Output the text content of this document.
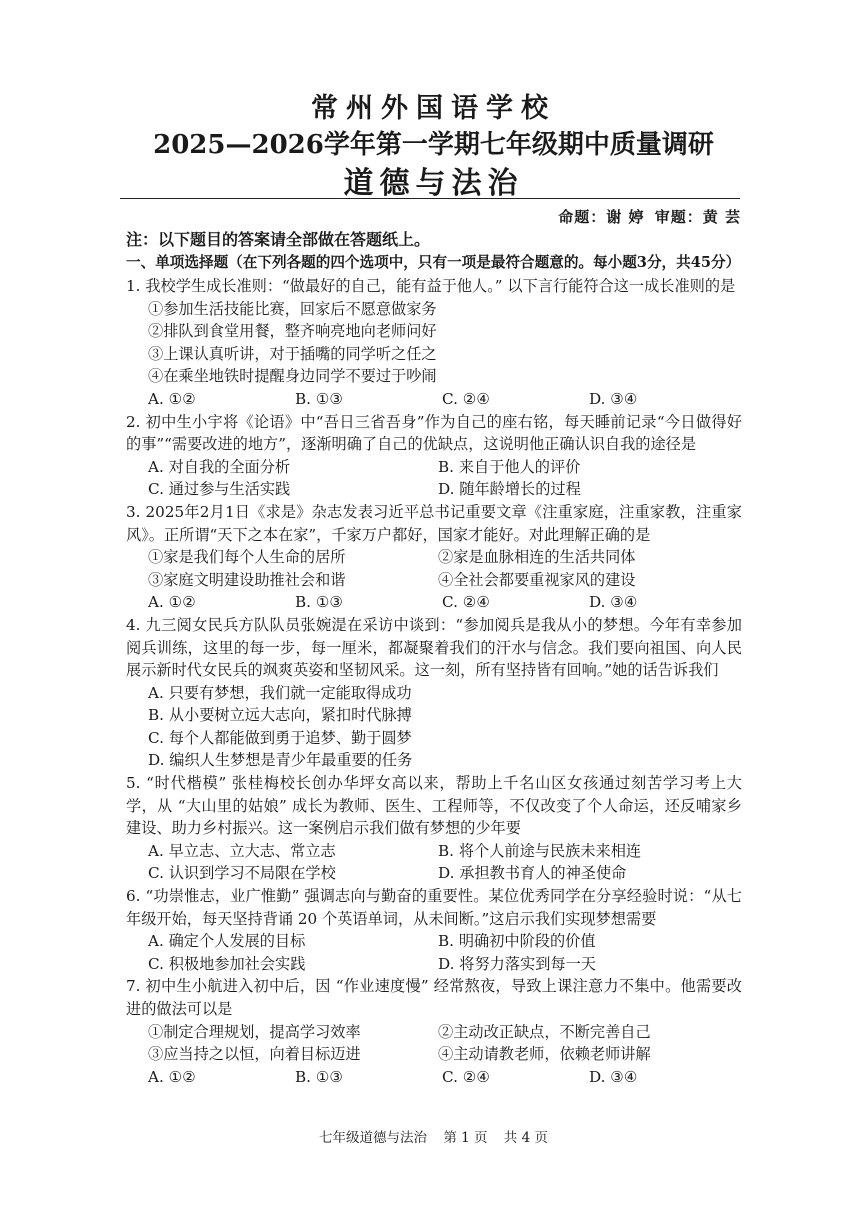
常州外国语学校
2025—2026学年第一学期七年级期中质量调研
道德与法治
命题：谢 婷 审题：黄 芸
注：以下题目的答案请全部做在答题纸上。
一、单项选择题（在下列各题的四个选项中，只有一项是最符合题意的。每小题3分，共45分）

1. 我校学生成长准则：“做最好的自己，能有益于他人。” 以下言行能符合这一成长准则的是

①参加生活技能比赛，回家后不愿意做家务

②排队到食堂用餐，整齐响亮地向老师问好

③上课认真听讲，对于插嘴的同学听之任之

④在乘坐地铁时提醒身边同学不要过于吵闹

A. ①②	B. ①③	C. ②④	D. ③④

2. 初中生小宇将《论语》中“吾日三省吾身”作为自己的座右铭，每天睡前记录“今日做得好的事”“需要改进的地方”，逐渐明确了自己的优缺点，这说明他正确认识自我的途径是

A. 对自我的全面分析	B. 来自于他人的评价
C. 通过参与生活实践	D. 随年龄增长的过程

3. 2025年2月1日《求是》杂志发表习近平总书记重要文章《注重家庭，注重家教，注重家风》。正所谓“天下之本在家”，千家万户都好，国家才能好。对此理解正确的是

①家是我们每个人生命的居所	②家是血脉相连的生活共同体
③家庭文明建设助推社会和谐	④全社会都要重视家风的建设
A. ①②	B. ①③	C. ②④	D. ③④

4. 九三阅女民兵方队队员张婉湜在采访中谈到：“参加阅兵是我从小的梦想。今年有幸参加阅兵训练，这里的每一步，每一厘米，都凝聚着我们的汗水与信念。我们要向祖国、向人民展示新时代女民兵的飒爽英姿和坚韧风采。这一刻，所有坚持皆有回响。”她的话告诉我们

A. 只要有梦想，我们就一定能取得成功

B. 从小要树立远大志向，紧扣时代脉搏

C. 每个人都能做到勇于追梦、勤于圆梦

D. 编织人生梦想是青少年最重要的任务

5. “时代楷模” 张桂梅校长创办华坪女高以来，帮助上千名山区女孩通过刻苦学习考上大学，从 “大山里的姑娘” 成长为教师、医生、工程师等，不仅改变了个人命运，还反哺家乡建设、助力乡村振兴。这一案例启示我们做有梦想的少年要

A. 早立志、立大志、常立志	B. 将个人前途与民族未来相连
C. 认识到学习不局限在学校	D. 承担教书育人的神圣使命

6. “功崇惟志，业广惟勤” 强调志向与勤奋的重要性。某位优秀同学在分享经验时说：“从七年级开始，每天坚持背诵 20 个英语单词，从未间断。”这启示我们实现梦想需要

A. 确定个人发展的目标	B. 明确初中阶段的价值
C. 积极地参加社会实践	D. 将努力落实到每一天

7. 初中生小航进入初中后，因 “作业速度慢” 经常熬夜，导致上课注意力不集中。他需要改进的做法可以是

①制定合理规划，提高学习效率	②主动改正缺点，不断完善自己
③应当持之以恒，向着目标迈进	④主动请教老师，依赖老师讲解
A. ①②	B. ①③	C. ②④	D. ③④
七年级道德与法治 第 1 页 共 4 页
